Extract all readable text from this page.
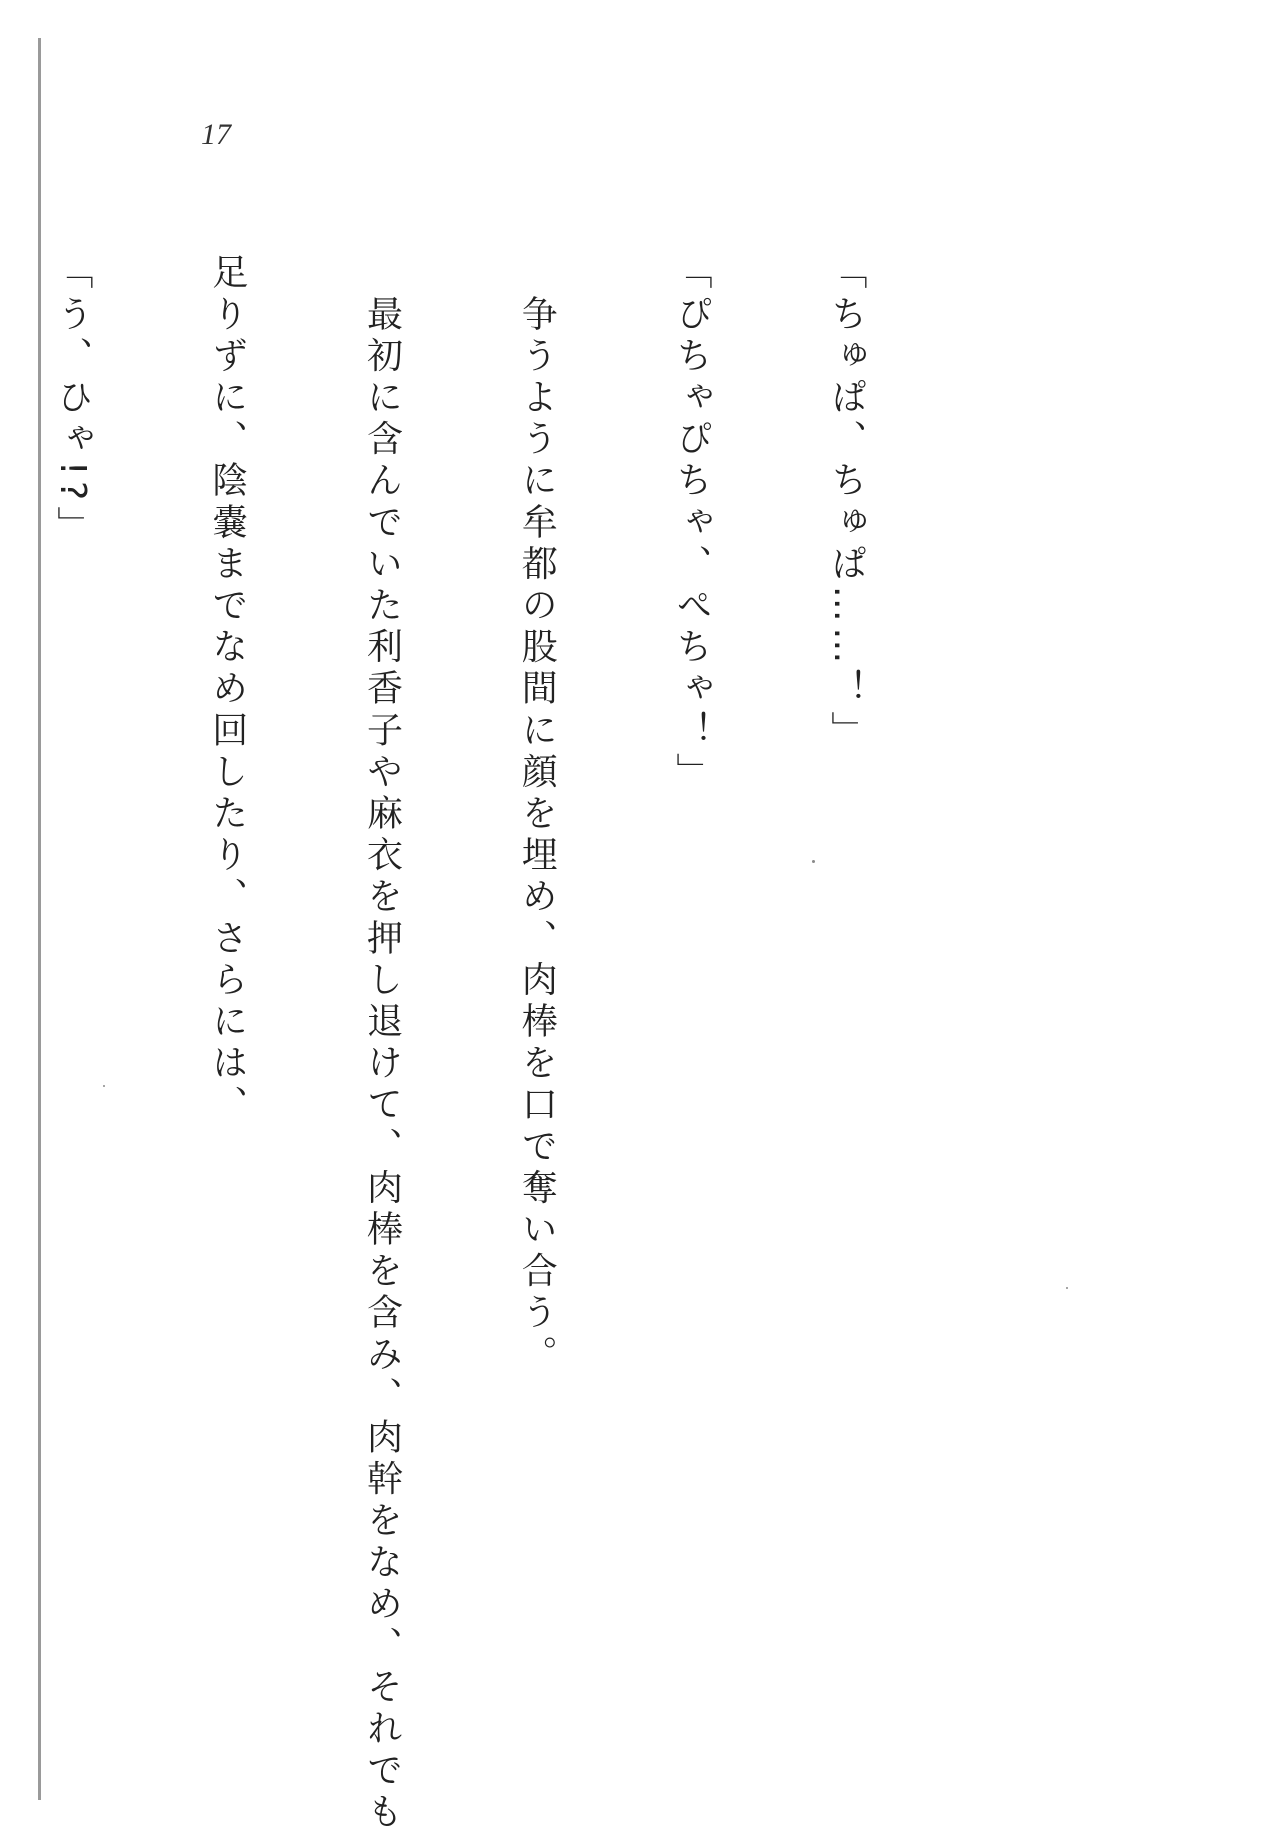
17

「ちゅぱ、ちゅぱ……！」

「ぴちゃぴちゃ、ぺちゃ！」

　争うように牟都の股間に顔を埋め、肉棒を口で奪い合う。

　最初に含んでいた利香子や麻衣を押し退けて、肉棒を含み、肉幹をなめ、それでも

足りずに、陰嚢までなめ回したり、さらには、

「う、ひゃ!?」
